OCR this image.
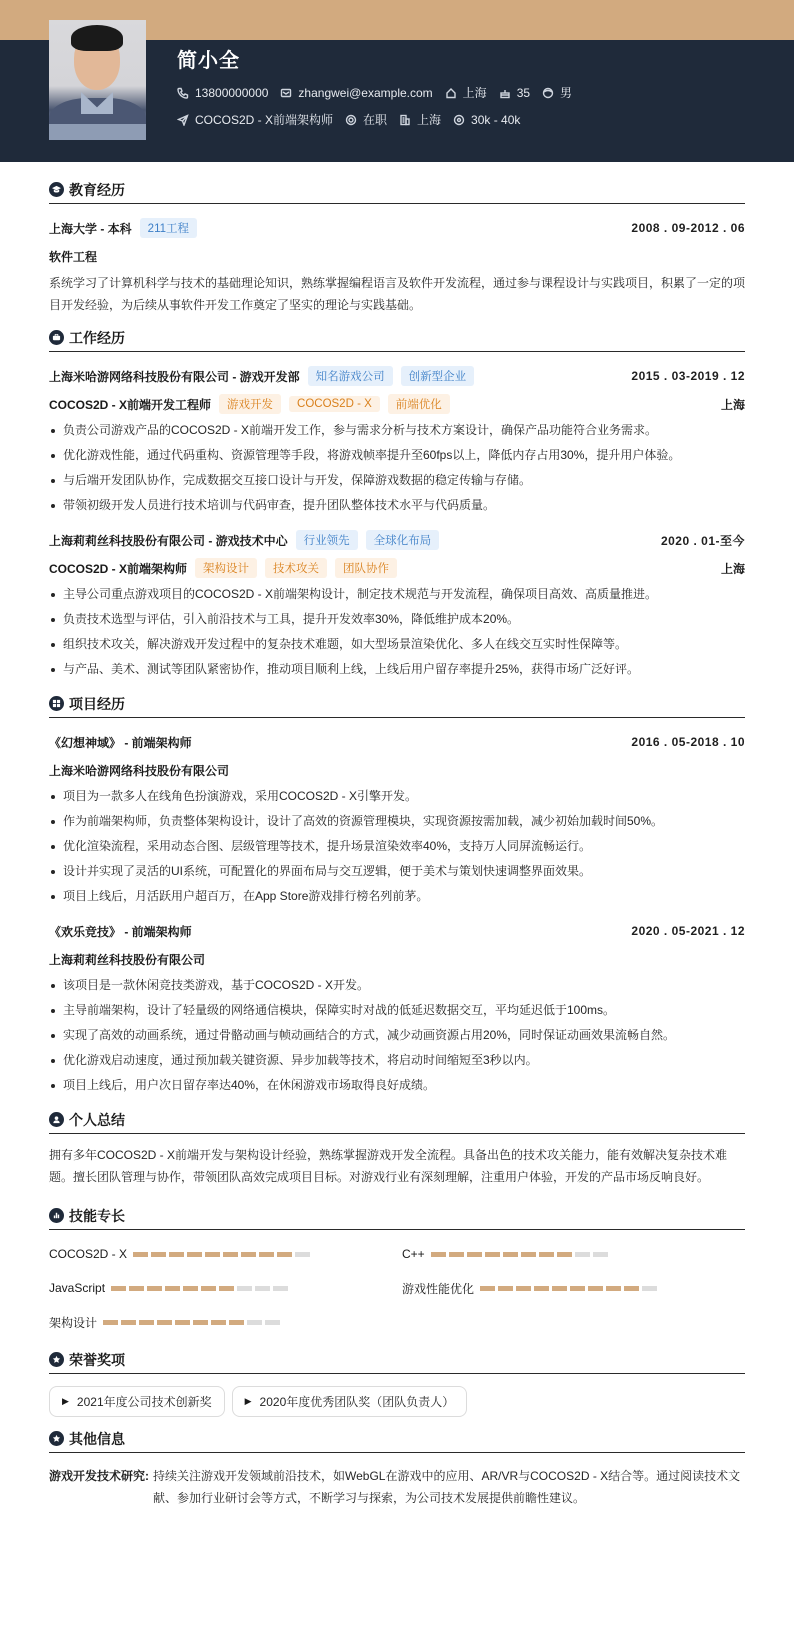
简小全
13800000000	zhangwei@example.com	上海	35	男
COCOS2D - X前端架构师	在职	上海	30k - 40k
教育经历
上海大学 - 本科	211工程	2008 . 09-2012 . 06
软件工程
系统学习了计算机科学与技术的基础理论知识，熟练掌握编程语言及软件开发流程，通过参与课程设计与实践项目，积累了一定的项目开发经验，为后续从事软件开发工作奠定了坚实的理论与实践基础。
工作经历
上海米哈游网络科技股份有限公司 - 游戏开发部	知名游戏公司	创新型企业	2015 . 03-2019 . 12
COCOS2D - X前端开发工程师	游戏开发	COCOS2D - X	前端优化	上海
负责公司游戏产品的COCOS2D - X前端开发工作，参与需求分析与技术方案设计，确保产品功能符合业务需求。
优化游戏性能，通过代码重构、资源管理等手段，将游戏帧率提升至60fps以上，降低内存占用30%，提升用户体验。
与后端开发团队协作，完成数据交互接口设计与开发，保障游戏数据的稳定传输与存储。
带领初级开发人员进行技术培训与代码审查，提升团队整体技术水平与代码质量。
上海莉莉丝科技股份有限公司 - 游戏技术中心	行业领先	全球化布局	2020 . 01-至今
COCOS2D - X前端架构师	架构设计	技术攻关	团队协作	上海
主导公司重点游戏项目的COCOS2D - X前端架构设计，制定技术规范与开发流程，确保项目高效、高质量推进。
负责技术选型与评估，引入前沿技术与工具，提升开发效率30%，降低维护成本20%。
组织技术攻关，解决游戏开发过程中的复杂技术难题，如大型场景渲染优化、多人在线交互实时性保障等。
与产品、美术、测试等团队紧密协作，推动项目顺利上线，上线后用户留存率提升25%，获得市场广泛好评。
项目经历
《幻想神域》 - 前端架构师	2016 . 05-2018 . 10
上海米哈游网络科技股份有限公司
项目为一款多人在线角色扮演游戏，采用COCOS2D - X引擎开发。
作为前端架构师，负责整体架构设计，设计了高效的资源管理模块，实现资源按需加载，减少初始加载时间50%。
优化渲染流程，采用动态合图、层级管理等技术，提升场景渲染效率40%，支持万人同屏流畅运行。
设计并实现了灵活的UI系统，可配置化的界面布局与交互逻辑，便于美术与策划快速调整界面效果。
项目上线后，月活跃用户超百万，在App Store游戏排行榜名列前茅。
《欢乐竞技》 - 前端架构师	2020 . 05-2021 . 12
上海莉莉丝科技股份有限公司
该项目是一款休闲竞技类游戏，基于COCOS2D - X开发。
主导前端架构，设计了轻量级的网络通信模块，保障实时对战的低延迟数据交互，平均延迟低于100ms。
实现了高效的动画系统，通过骨骼动画与帧动画结合的方式，减少动画资源占用20%，同时保证动画效果流畅自然。
优化游戏启动速度，通过预加载关键资源、异步加载等技术，将启动时间缩短至3秒以内。
项目上线后，用户次日留存率达40%，在休闲游戏市场取得良好成绩。
个人总结
拥有多年COCOS2D - X前端开发与架构设计经验，熟练掌握游戏开发全流程。具备出色的技术攻关能力，能有效解决复杂技术难题。擅长团队管理与协作，带领团队高效完成项目目标。对游戏行业有深刻理解，注重用户体验，开发的产品市场反响良好。
技能专长
COCOS2D - X	C++
JavaScript	游戏性能优化
架构设计
荣誉奖项
▶ 2021年度公司技术创新奖	▶ 2020年度优秀团队奖（团队负责人）
其他信息
游戏开发技术研究: 持续关注游戏开发领域前沿技术，如WebGL在游戏中的应用、AR/VR与COCOS2D - X结合等。通过阅读技术文献、参加行业研讨会等方式，不断学习与探索，为公司技术发展提供前瞻性建议。
